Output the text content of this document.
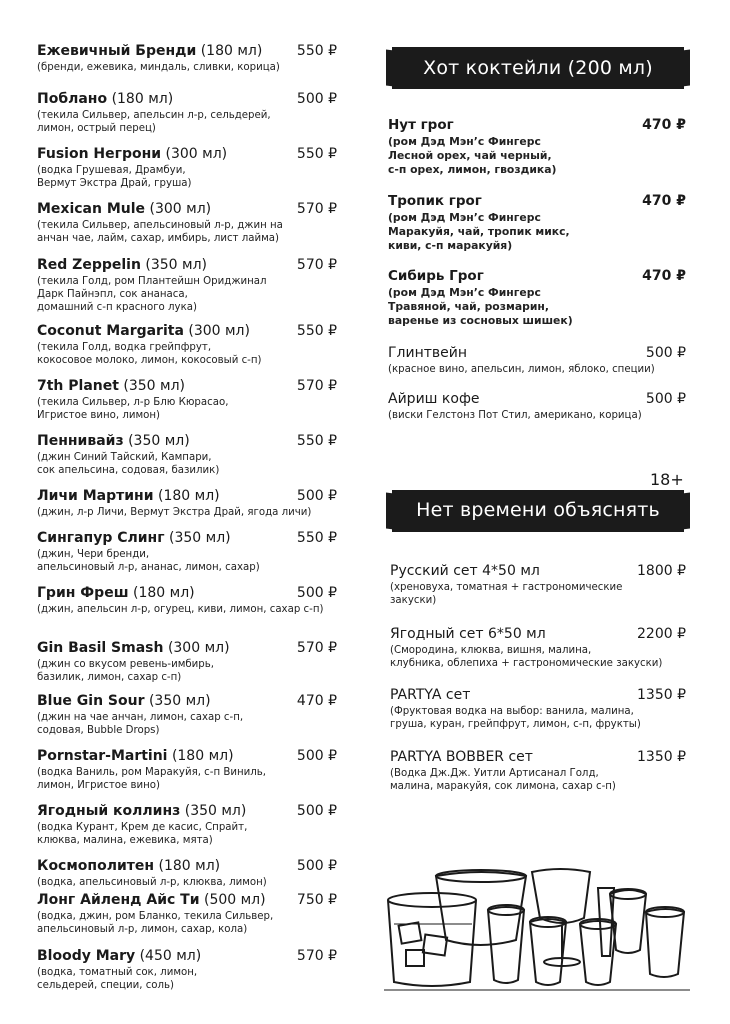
Ежевичный Бренди (180 мл) 550 ₽
(бренди, ежевика, миндаль, сливки, корица)
Поблано (180 мл)	500 ₽
(текила Сильвер, апельсин л-р, сельдерей,
лимон, острый перец)
Fusion Негрони (300 мл)	550 ₽
(водка Грушевая, Драмбуи,
Вермут Экстра Драй, груша)
Mexican Mule (300 мл)	570 ₽
(текила Сильвер, апельсиновый л-р, джин на
анчан чае, лайм, сахар, имбирь, лист лайма)
Red Zeppelin (350 мл)	570 ₽
(текила Голд, ром Плантейшн Ориджинал
Дарк Пайнэпл, сок ананаса,
домашний с-п красного лука)
Coconut Margarita (300 мл)	550 ₽
(текила Голд, водка грейпфрут,
кокосовое молоко, лимон, кокосовый с-п)
7th Planet (350 мл)	570 ₽
(текила Сильвер, л-р Блю Кюрасао,
Игристое вино, лимон)
Пеннивайз (350 мл)	550 ₽
(джин Синий Тайский, Кампари,
сок апельсина, содовая, базилик)
Личи Мартини (180 мл)	500 ₽
(джин, л-р Личи, Вермут Экстра Драй, ягода личи)
Сингапур Слинг (350 мл)	550 ₽
(джин, Чери бренди,
апельсиновый л-р, ананас, лимон, сахар)
Грин Фреш (180 мл)	500 ₽
(джин, апельсин л-р, огурец, киви, лимон, сахар с-п)
Gin Basil Smash (300 мл)	570 ₽
(джин со вкусом ревень-имбирь,
базилик, лимон, сахар с-п)
Blue Gin Sour (350 мл)	470 ₽
(джин на чае анчан, лимон, сахар с-п,
содовая, Bubble Drops)
Pornstar-Martini (180 мл)	500 ₽
(водка Ваниль, ром Маракуйя, с-п Виниль,
лимон, Игристое вино)
Ягодный коллинз (350 мл)	500 ₽
(водка Курант, Крем де касис, Спрайт,
клюква, малина, ежевика, мята)
Космополитен (180 мл)	500 ₽
(водка, апельсиновый л-р, клюква, лимон)
Лонг Айленд Айс Ти (500 мл) 750 ₽
(водка, джин, ром Бланко, текила Сильвер,
апельсиновый л-р, лимон, сахар, кола)
Bloody Mary (450 мл)	570 ₽
(водка, томатный сок, лимон,
сельдерей, специи, соль)
Хот коктейли (200 мл)
Нут грог	470 ₽
(ром Дэд Мэн’с Фингерс
Лесной орех, чай черный,
с-п орех, лимон, гвоздика)
Тропик грог	470 ₽
(ром Дэд Мэн’с Фингерс
Маракуйя, чай, тропик микс,
киви, с-п маракуйя)
Сибирь Грог	470 ₽
(ром Дэд Мэн’с Фингерс
Травяной, чай, розмарин,
варенье из сосновых шишек)
Глинтвейн	500 ₽
(красное вино, апельсин, лимон, яблоко, специи)
Айриш кофе	500 ₽
(виски Гелстонз Пот Стил, американо, корица)
18+
Нет времени объяснять
Русский сет 4*50 мл	1800 ₽
(хреновуха, томатная + гастрономические
закуски)
Ягодный сет 6*50 мл	2200 ₽
(Смородина, клюква, вишня, малина,
клубника, облепиха + гастрономические закуски)
PARTYA сет	1350 ₽
(Фруктовая водка на выбор: ванила, малина,
груша, куран, грейпфрут, лимон, с-п, фрукты)
PARTYA BOBBER сет	1350 ₽
(Водка Дж.Дж. Уитли Артисанал Голд,
малина, маракуйя, сок лимона, сахар с-п)
